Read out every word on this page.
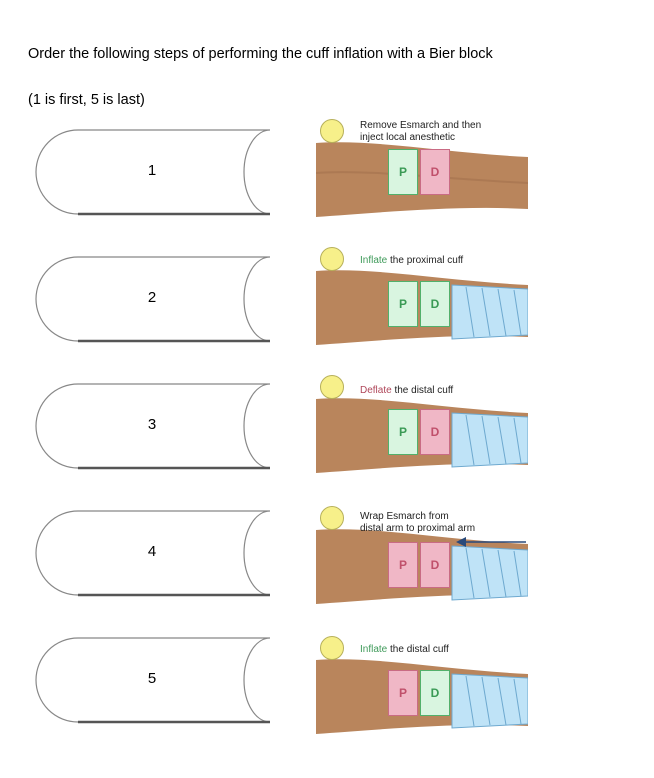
Order the following steps of performing the cuff inflation with a Bier block
(1 is first, 5 is last)
1
2
3
4
5
Remove Esmarch and then
inject local anesthetic
P	D
Inflate the proximal cuff
P	D
Deflate the distal cuff
P	D
Wrap Esmarch from
distal arm to proximal arm
P	D
Inflate the distal cuff
P	D
